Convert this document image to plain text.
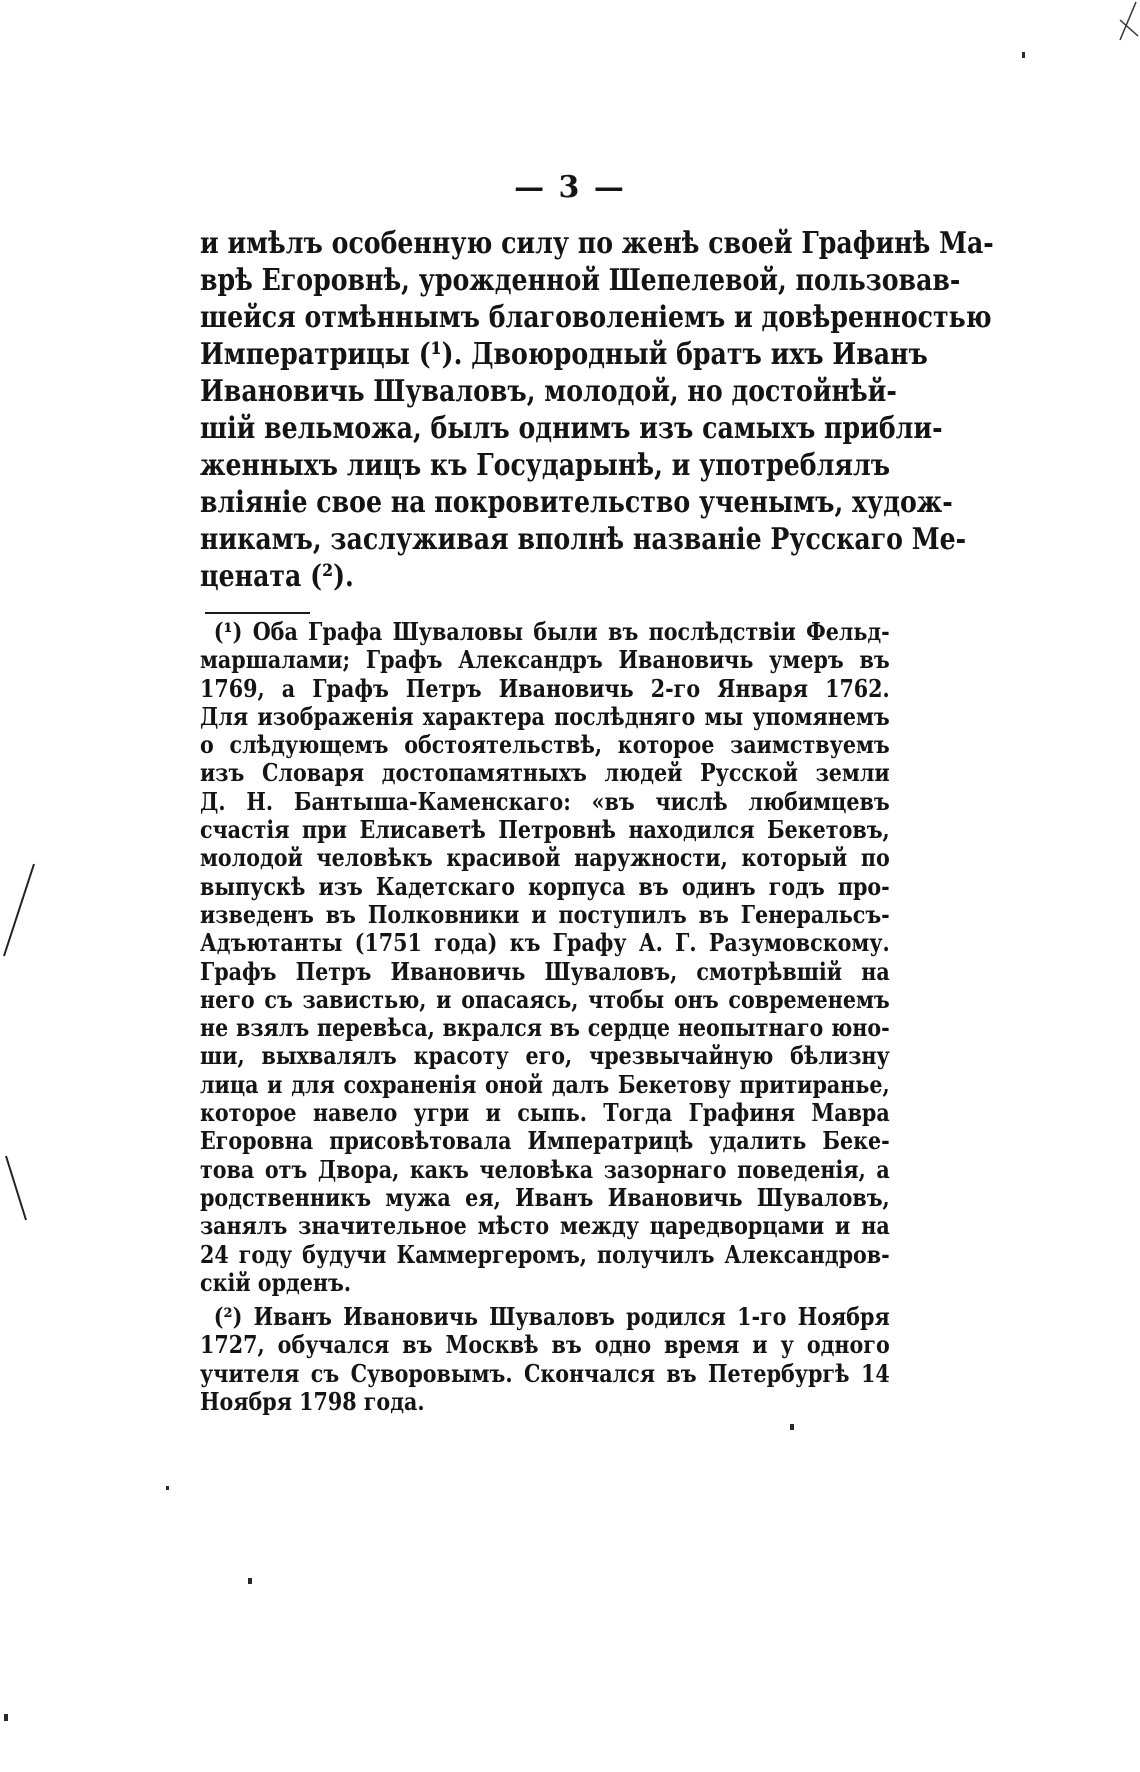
— 3 —
и имѣлъ особенную силу по женѣ своей Графинѣ Ма-
врѣ Егоровнѣ, урожденной Шепелевой, пользовав-
шейся отмѣннымъ благоволеніемъ и довѣренностью
Императрицы (¹). Двоюродный братъ ихъ Иванъ
Ивановичь Шуваловъ, молодой, но достойнѣй-
шій вельможа, былъ однимъ изъ самыхъ прибли-
женныхъ лицъ къ Государынѣ, и употреблялъ
вліяніе свое на покровительство ученымъ, худож-
никамъ, заслуживая вполнѣ названіе Русскаго Ме-
цената (²).
(¹) Оба Графа Шуваловы были въ послѣдствіи Фельд-
маршалами; Графъ Александръ Ивановичь умеръ въ
1769, а Графъ Петръ Ивановичь 2-го Января 1762.
Для изображенія характера послѣдняго мы упомянемъ
о слѣдующемъ обстоятельствѣ, которое заимствуемъ
изъ Словаря достопамятныхъ людей Русской земли
Д. Н. Бантыша-Каменскаго: «въ числѣ любимцевъ
счастія при Елисаветѣ Петровнѣ находился Бекетовъ,
молодой человѣкъ красивой наружности, который по
выпускѣ изъ Кадетскаго корпуса въ одинъ годъ про-
изведенъ въ Полковники и поступилъ въ Генеральсъ-
Адъютанты (1751 года) къ Графу А. Г. Разумовскому.
Графъ Петръ Ивановичь Шуваловъ, смотрѣвшій на
него съ завистью, и опасаясь, чтобы онъ современемъ
не взялъ перевѣса, вкрался въ сердце неопытнаго юно-
ши, выхвалялъ красоту его, чрезвычайную бѣлизну
лица и для сохраненія оной далъ Бекетову притиранье,
которое навело угри и сыпь. Тогда Графиня Мавра
Егоровна присовѣтовала Императрицѣ удалить Беке-
това отъ Двора, какъ человѣка зазорнаго поведенія, а
родственникъ мужа ея, Иванъ Ивановичь Шуваловъ,
занялъ значительное мѣсто между царедворцами и на
24 году будучи Каммергеромъ, получилъ Александров-
скій орденъ.
(²) Иванъ Ивановичь Шуваловъ родился 1-го Ноября
1727, обучался въ Москвѣ въ одно время и у одного
учителя съ Суворовымъ. Скончался въ Петербургѣ 14
Ноября 1798 года.
